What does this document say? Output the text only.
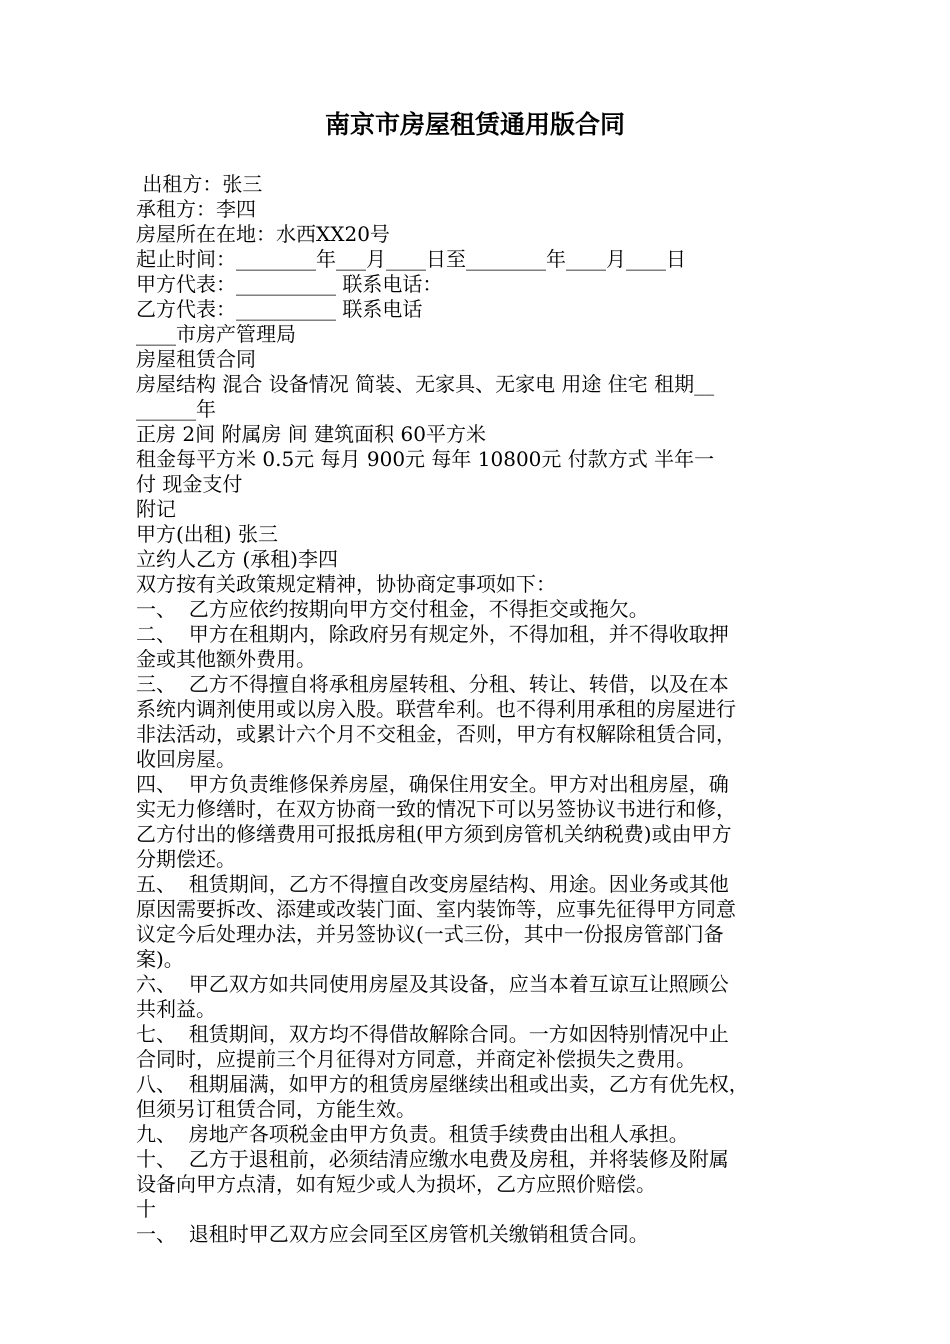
南京市房屋租赁通用版合同
出租方：张三
承租方：李四
房屋所在在地：水西XX20号
起止时间：________年___月____日至________年____月____日
甲方代表：__________ 联系电话：
乙方代表：__________ 联系电话
____市房产管理局
房屋租赁合同
房屋结构 混合 设备情况 简装、无家具、无家电 用途 住宅 租期__
______年
正房 2间 附属房 间 建筑面积 60平方米
租金每平方米 0.5元 每月 900元 每年 10800元 付款方式 半年一
付 现金支付
附记
甲方(出租) 张三
立约人乙方 (承租)李四
双方按有关政策规定精神，协协商定事项如下：
一、  乙方应依约按期向甲方交付租金，不得拒交或拖欠。
二、  甲方在租期内，除政府另有规定外，不得加租，并不得收取押
金或其他额外费用。
三、  乙方不得擅自将承租房屋转租、分租、转让、转借，以及在本
系统内调剂使用或以房入股。联营牟利。也不得利用承租的房屋进行
非法活动，或累计六个月不交租金，否则，甲方有权解除租赁合同，
收回房屋。
四、  甲方负责维修保养房屋，确保住用安全。甲方对出租房屋，确
实无力修缮时，在双方协商一致的情况下可以另签协议书进行和修，
乙方付出的修缮费用可报抵房租(甲方须到房管机关纳税费)或由甲方
分期偿还。
五、  租赁期间，乙方不得擅自改变房屋结构、用途。因业务或其他
原因需要拆改、添建或改装门面、室内装饰等，应事先征得甲方同意
议定今后处理办法，并另签协议(一式三份，其中一份报房管部门备
案)。
六、  甲乙双方如共同使用房屋及其设备，应当本着互谅互让照顾公
共利益。
七、  租赁期间，双方均不得借故解除合同。一方如因特别情况中止
合同时，应提前三个月征得对方同意，并商定补偿损失之费用。
八、  租期届满，如甲方的租赁房屋继续出租或出卖，乙方有优先权，
但须另订租赁合同，方能生效。
九、  房地产各项税金由甲方负责。租赁手续费由出租人承担。
十、  乙方于退租前，必须结清应缴水电费及房租，并将装修及附属
设备向甲方点清，如有短少或人为损坏，乙方应照价赔偿。
十
一、  退租时甲乙双方应会同至区房管机关缴销租赁合同。
